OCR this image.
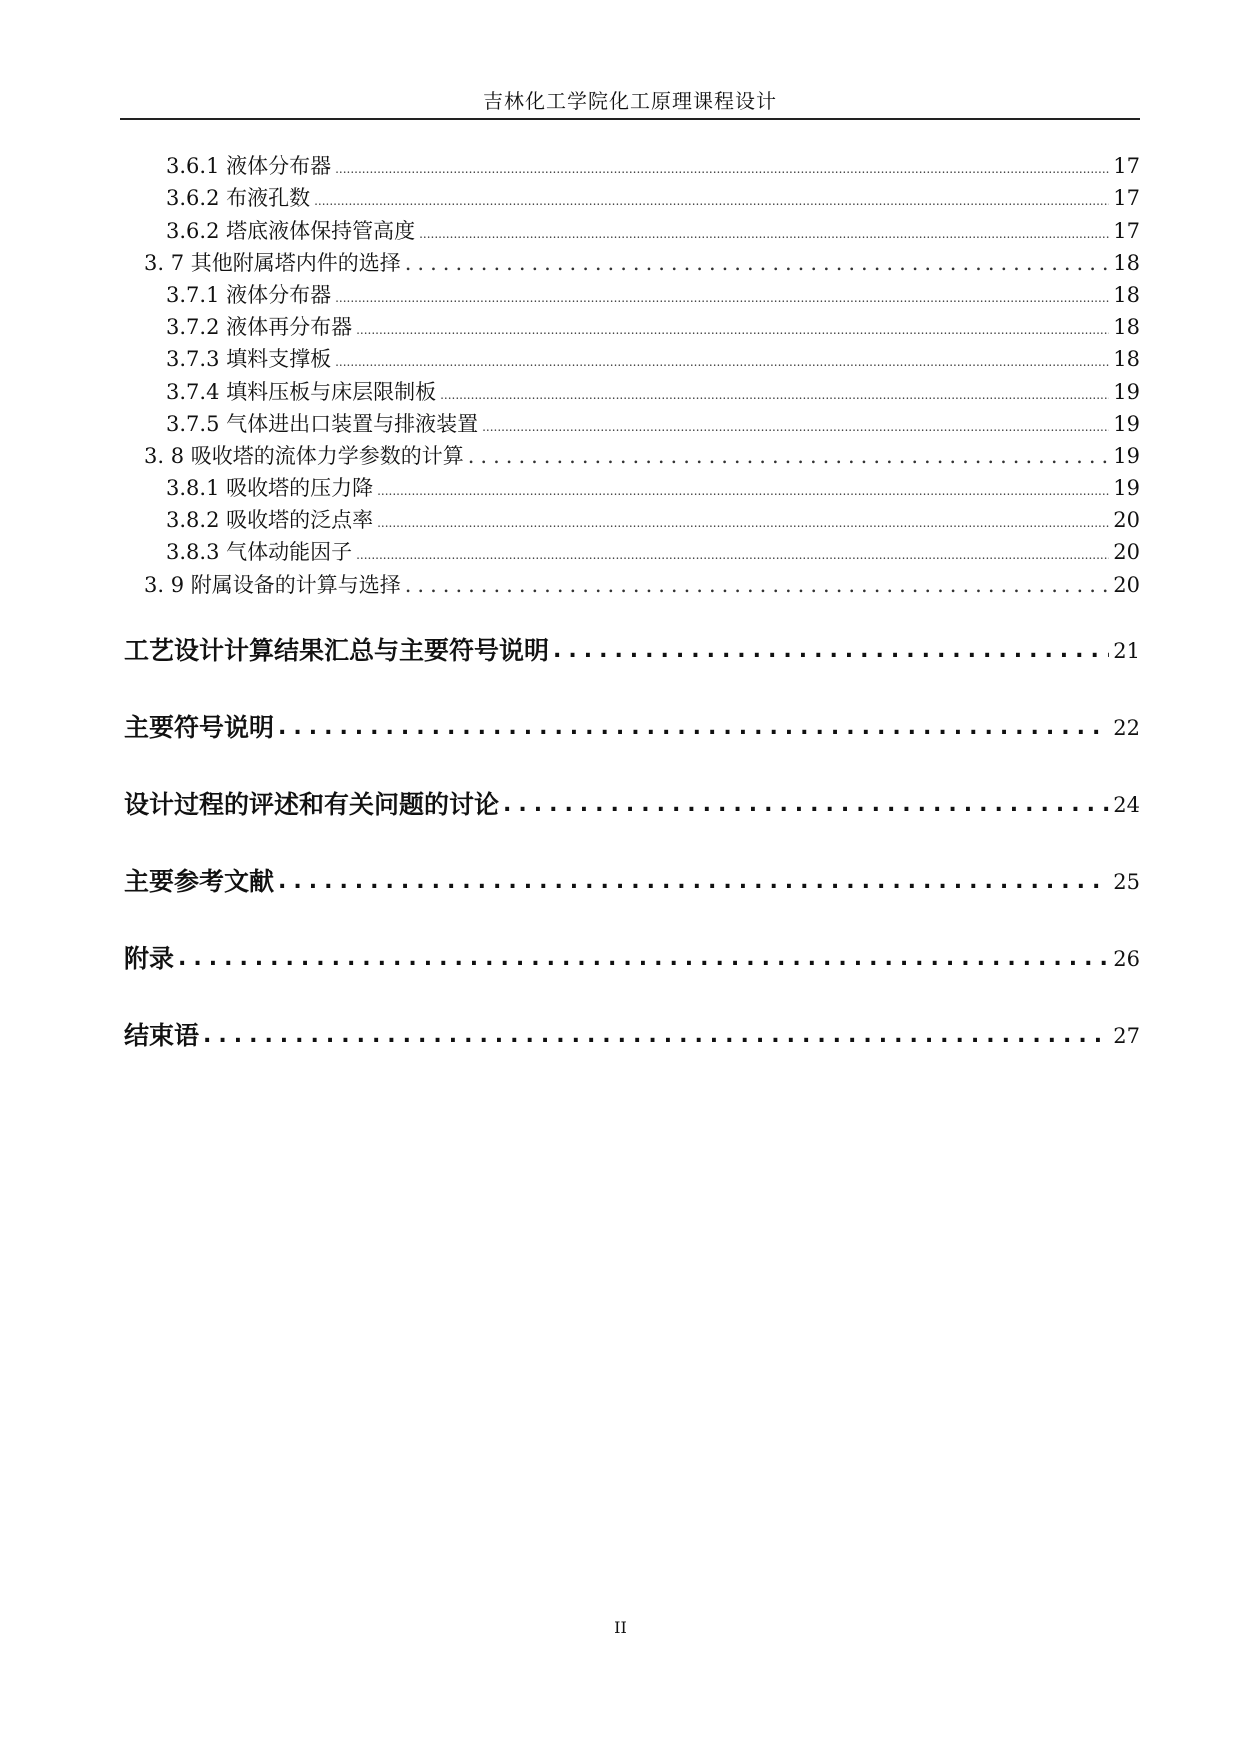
吉林化工学院化工原理课程设计
3.6.1 液体分布器 .....	17
3.6.2 布液孔数 .....	17
3.6.2 塔底液体保持管高度 .....	17
3. 7 其他附属塔内件的选择 .....	18
3.7.1 液体分布器 .....	18
3.7.2 液体再分布器 .....	18
3.7.3 填料支撑板 .....	18
3.7.4 填料压板与床层限制板 .....	19
3.7.5 气体进出口装置与排液装置 .....	19
3. 8 吸收塔的流体力学参数的计算 .....	19
3.8.1 吸收塔的压力降 .....	19
3.8.2 吸收塔的泛点率 .....	20
3.8.3 气体动能因子 .....	20
3. 9 附属设备的计算与选择 .....	20
工艺设计计算结果汇总与主要符号说明 .....	21
主要符号说明 .....	22
设计过程的评述和有关问题的讨论 .....	24
主要参考文献 .....	25
附录 .....	26
结束语 .....	27
II
